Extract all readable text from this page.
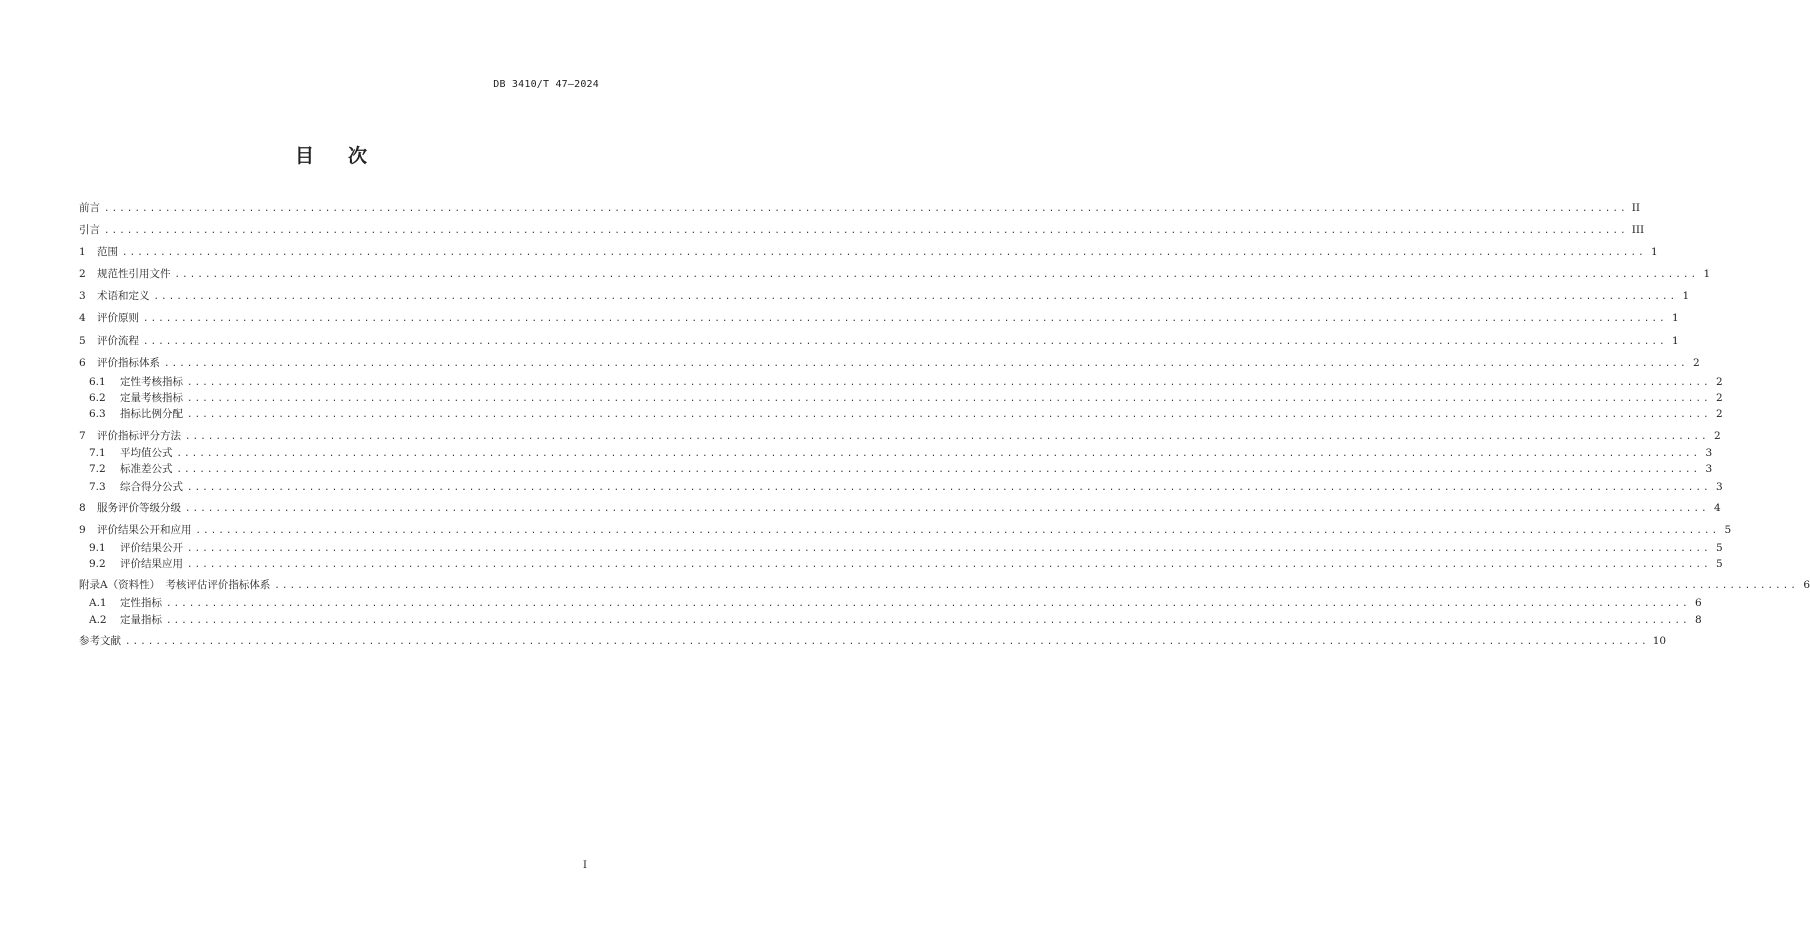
DB 3410/T 47—2024
目 次
前言 ........................................................................................................................................................................................................ II
引言 ........................................................................................................................................................................................................ III
1	范围 ........................................................................................................................................................................................................ 1
2	规范性引用文件 ........................................................................................................................................................................................................ 1
3	术语和定义 ........................................................................................................................................................................................................ 1
4	评价原则 ........................................................................................................................................................................................................ 1
5	评价流程 ........................................................................................................................................................................................................ 1
6	评价指标体系 ........................................................................................................................................................................................................ 2
6.1	定性考核指标 ........................................................................................................................................................................................................ 2
6.2	定量考核指标 ........................................................................................................................................................................................................ 2
6.3	指标比例分配 ........................................................................................................................................................................................................ 2
7	评价指标评分方法 ........................................................................................................................................................................................................ 2
7.1	平均值公式 ........................................................................................................................................................................................................ 3
7.2	标准差公式 ........................................................................................................................................................................................................ 3
7.3	综合得分公式 ........................................................................................................................................................................................................ 3
8	服务评价等级分级 ........................................................................................................................................................................................................ 4
9	评价结果公开和应用 ........................................................................................................................................................................................................ 5
9.1	评价结果公开 ........................................................................................................................................................................................................ 5
9.2	评价结果应用 ........................................................................................................................................................................................................ 5
附录A（资料性）　考核评估评价指标体系 ........................................................................................................................................................................................................ 6
A.1	定性指标 ........................................................................................................................................................................................................ 6
A.2	定量指标 ........................................................................................................................................................................................................ 8
参考文献 ........................................................................................................................................................................................................ 10
I
